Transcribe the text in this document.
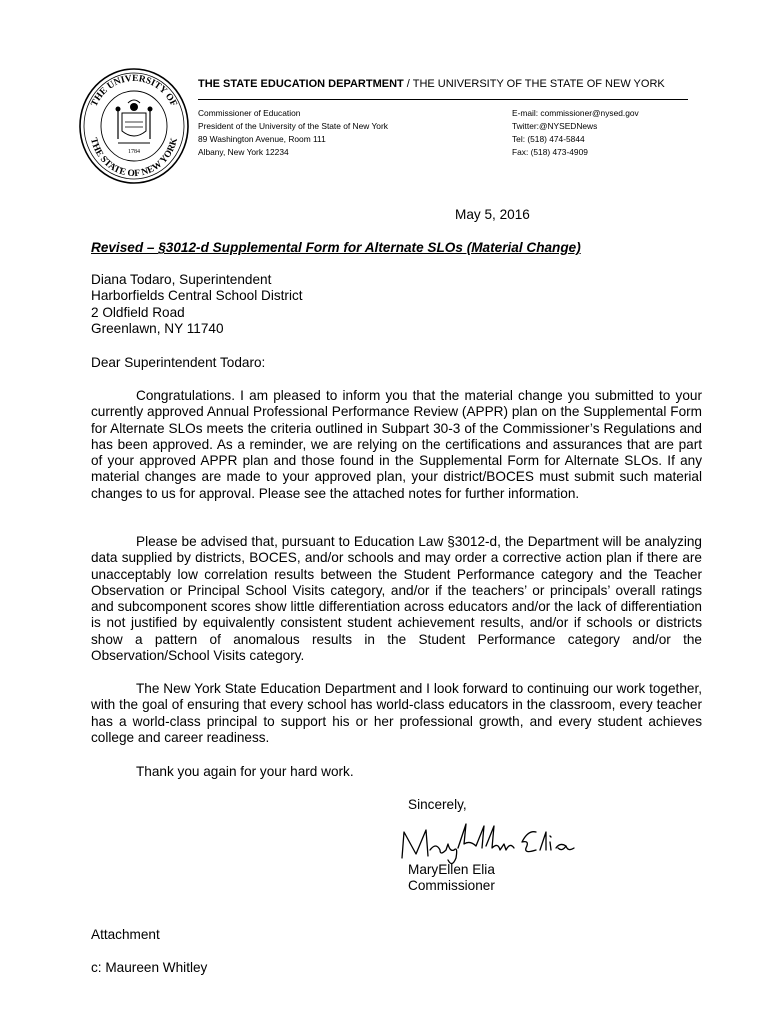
THE UNIVERSITY OF
THE STATE OF NEW YORK
1784
THE STATE EDUCATION DEPARTMENT / THE UNIVERSITY OF THE STATE OF NEW YORK
Commissioner of Education
President of the University of the State of New York
89 Washington Avenue, Room 111
Albany, New York 12234
E-mail: commissioner@nysed.gov
Twitter:@NYSEDNews
Tel: (518) 474-5844
Fax: (518) 473-4909
May 5, 2016
Revised – §3012-d Supplemental Form for Alternate SLOs (Material Change)
Diana Todaro, Superintendent
Harborfields Central School District
2 Oldfield Road
Greenlawn, NY 11740
Dear Superintendent Todaro:

Congratulations. I am pleased to inform you that the material change you submitted to your currently approved Annual Professional Performance Review (APPR) plan on the Supplemental Form for Alternate SLOs meets the criteria outlined in Subpart 30-3 of the Commissioner’s Regulations and has been approved. As a reminder, we are relying on the certifications and assurances that are part of your approved APPR plan and those found in the Supplemental Form for Alternate SLOs. If any material changes are made to your approved plan, your district/BOCES must submit such material changes to us for approval. Please see the attached notes for further information.

Please be advised that, pursuant to Education Law §3012-d, the Department will be analyzing data supplied by districts, BOCES, and/or schools and may order a corrective action plan if there are unacceptably low correlation results between the Student Performance category and the Teacher Observation or Principal School Visits category, and/or if the teachers’ or principals’ overall ratings and subcomponent scores show little differentiation across educators and/or the lack of differentiation is not justified by equivalently consistent student achievement results, and/or if schools or districts show a pattern of anomalous results in the Student Performance category and/or the Observation/School Visits category.

The New York State Education Department and I look forward to continuing our work together, with the goal of ensuring that every school has world-class educators in the classroom, every teacher has a world-class principal to support his or her professional growth, and every student achieves college and career readiness.

Thank you again for your hard work.

Sincerely,
MaryEllen Elia
Commissioner
Attachment
c: Maureen Whitley
